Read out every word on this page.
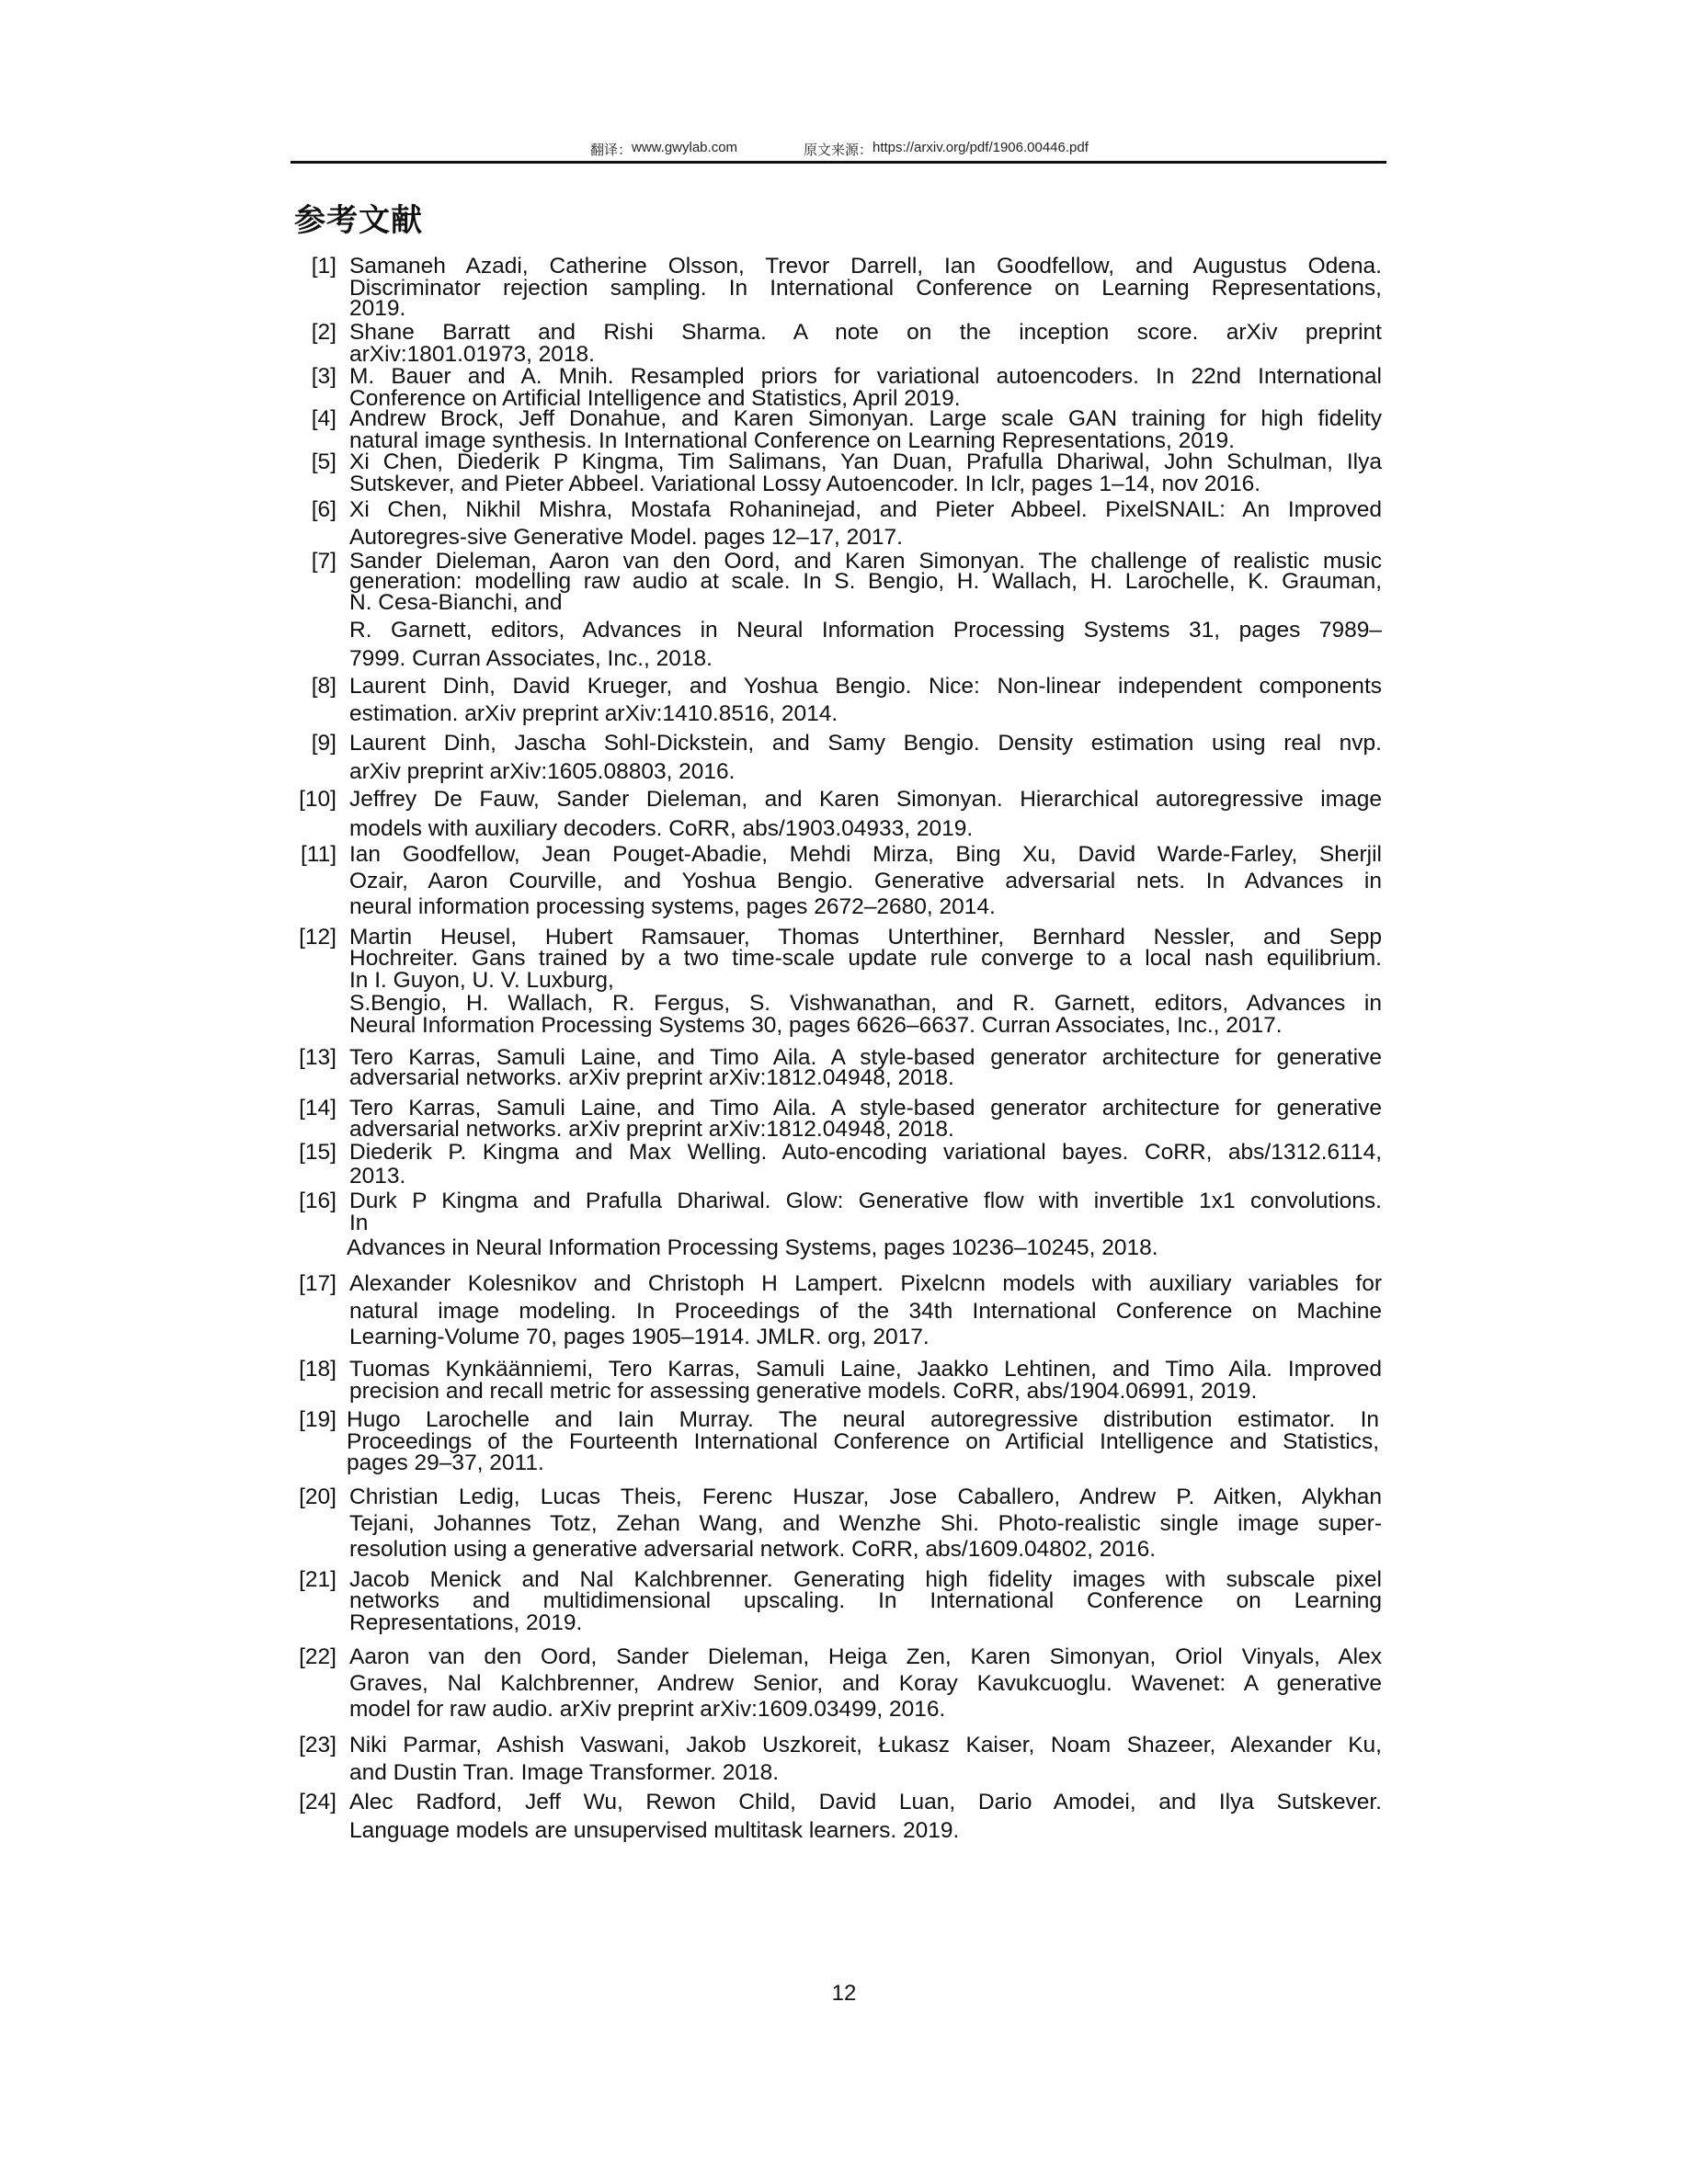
翻译： www.gwylab.com	原文来源： https://arxiv.org/pdf/1906.00446.pdf
参考文献
[1] Samaneh Azadi, Catherine Olsson, Trevor Darrell, Ian Goodfellow, and Augustus Odena.
Discriminator rejection sampling. In International Conference on Learning Representations,
2019.
[2] Shane Barratt and Rishi Sharma. A note on the inception score. arXiv preprint
arXiv:1801.01973, 2018.
[3] M. Bauer and A. Mnih. Resampled priors for variational autoencoders. In 22nd International
Conference on Artificial Intelligence and Statistics, April 2019.
[4] Andrew Brock, Jeff Donahue, and Karen Simonyan. Large scale GAN training for high fidelity
natural image synthesis. In International Conference on Learning Representations, 2019.
[5] Xi Chen, Diederik P Kingma, Tim Salimans, Yan Duan, Prafulla Dhariwal, John Schulman, Ilya
Sutskever, and Pieter Abbeel. Variational Lossy Autoencoder. In Iclr, pages 1–14, nov 2016.
[6] Xi Chen, Nikhil Mishra, Mostafa Rohaninejad, and Pieter Abbeel. PixelSNAIL: An Improved
Autoregres-sive Generative Model. pages 12–17, 2017.
[7] Sander Dieleman, Aaron van den Oord, and Karen Simonyan. The challenge of realistic music
generation: modelling raw audio at scale. In S. Bengio, H. Wallach, H. Larochelle, K. Grauman,
N. Cesa-Bianchi, and
R. Garnett, editors, Advances in Neural Information Processing Systems 31, pages 7989–
7999. Curran Associates, Inc., 2018.
[8] Laurent Dinh, David Krueger, and Yoshua Bengio. Nice: Non-linear independent components
estimation. arXiv preprint arXiv:1410.8516, 2014.
[9] Laurent Dinh, Jascha Sohl-Dickstein, and Samy Bengio. Density estimation using real nvp.
arXiv preprint arXiv:1605.08803, 2016.
[10] Jeffrey De Fauw, Sander Dieleman, and Karen Simonyan. Hierarchical autoregressive image
models with auxiliary decoders. CoRR, abs/1903.04933, 2019.
[11] Ian Goodfellow, Jean Pouget-Abadie, Mehdi Mirza, Bing Xu, David Warde-Farley, Sherjil
Ozair, Aaron Courville, and Yoshua Bengio. Generative adversarial nets. In Advances in
neural information processing systems, pages 2672–2680, 2014.
[12] Martin Heusel, Hubert Ramsauer, Thomas Unterthiner, Bernhard Nessler, and Sepp
Hochreiter. Gans trained by a two time-scale update rule converge to a local nash equilibrium.
In I. Guyon, U. V. Luxburg,
S.Bengio, H. Wallach, R. Fergus, S. Vishwanathan, and R. Garnett, editors, Advances in
Neural Information Processing Systems 30, pages 6626–6637. Curran Associates, Inc., 2017.
[13] Tero Karras, Samuli Laine, and Timo Aila. A style-based generator architecture for generative
adversarial networks. arXiv preprint arXiv:1812.04948, 2018.
[14] Tero Karras, Samuli Laine, and Timo Aila. A style-based generator architecture for generative
adversarial networks. arXiv preprint arXiv:1812.04948, 2018.
[15] Diederik P. Kingma and Max Welling. Auto-encoding variational bayes. CoRR, abs/1312.6114,
2013.
[16] Durk P Kingma and Prafulla Dhariwal. Glow: Generative flow with invertible 1x1 convolutions.
In
Advances in Neural Information Processing Systems, pages 10236–10245, 2018.
[17] Alexander Kolesnikov and Christoph H Lampert. Pixelcnn models with auxiliary variables for
natural image modeling. In Proceedings of the 34th International Conference on Machine
Learning-Volume 70, pages 1905–1914. JMLR. org, 2017.
[18] Tuomas Kynkäänniemi, Tero Karras, Samuli Laine, Jaakko Lehtinen, and Timo Aila. Improved
precision and recall metric for assessing generative models. CoRR, abs/1904.06991, 2019.
[19] Hugo Larochelle and Iain Murray. The neural autoregressive distribution estimator. In
Proceedings of the Fourteenth International Conference on Artificial Intelligence and Statistics,
pages 29–37, 2011.
[20] Christian Ledig, Lucas Theis, Ferenc Huszar, Jose Caballero, Andrew P. Aitken, Alykhan
Tejani, Johannes Totz, Zehan Wang, and Wenzhe Shi. Photo-realistic single image super-
resolution using a generative adversarial network. CoRR, abs/1609.04802, 2016.
[21] Jacob Menick and Nal Kalchbrenner. Generating high fidelity images with subscale pixel
networks and multidimensional upscaling. In International Conference on Learning
Representations, 2019.
[22] Aaron van den Oord, Sander Dieleman, Heiga Zen, Karen Simonyan, Oriol Vinyals, Alex
Graves, Nal Kalchbrenner, Andrew Senior, and Koray Kavukcuoglu. Wavenet: A generative
model for raw audio. arXiv preprint arXiv:1609.03499, 2016.
[23] Niki Parmar, Ashish Vaswani, Jakob Uszkoreit, Łukasz Kaiser, Noam Shazeer, Alexander Ku,
and Dustin Tran. Image Transformer. 2018.
[24] Alec Radford, Jeff Wu, Rewon Child, David Luan, Dario Amodei, and Ilya Sutskever.
Language models are unsupervised multitask learners. 2019.
12
